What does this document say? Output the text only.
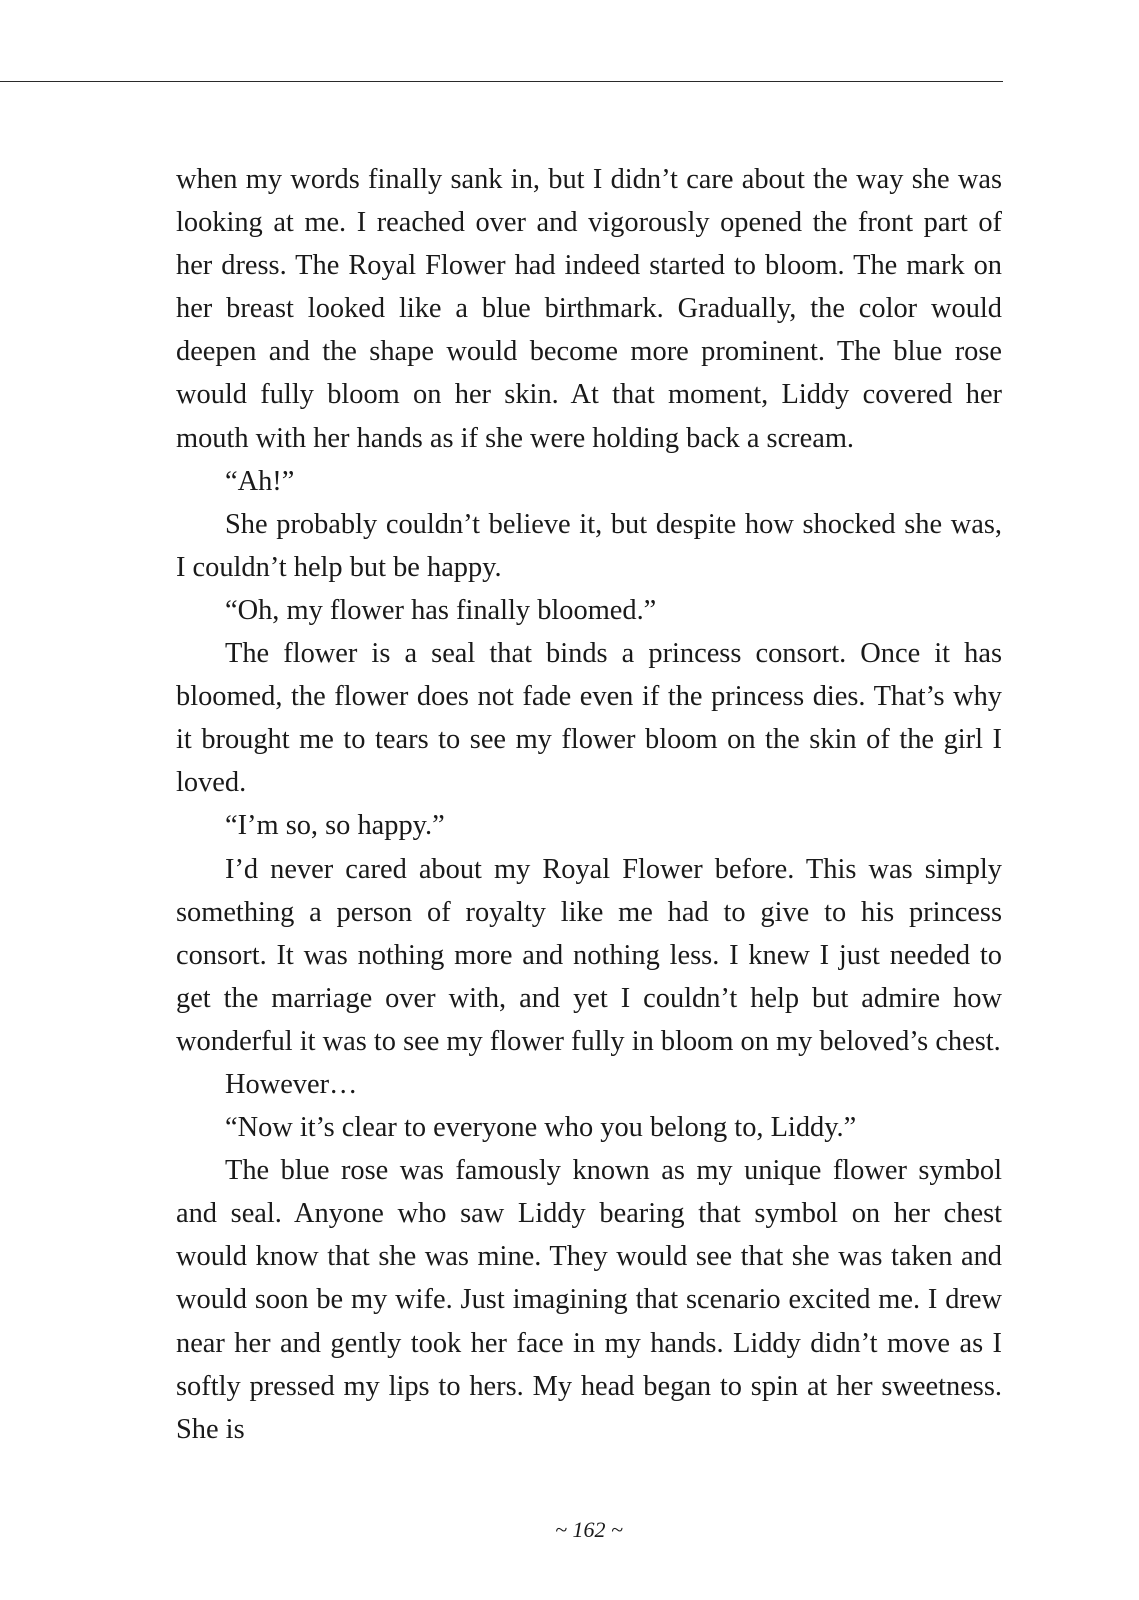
when my words finally sank in, but I didn’t care about the way she was looking at me. I reached over and vigorously opened the front part of her dress. The Royal Flower had indeed started to bloom. The mark on her breast looked like a blue birthmark. Gradually, the color would deepen and the shape would become more prominent. The blue rose would fully bloom on her skin. At that moment, Liddy covered her mouth with her hands as if she were holding back a scream.

“Ah!”

She probably couldn’t believe it, but despite how shocked she was, I couldn’t help but be happy.

“Oh, my flower has finally bloomed.”

The flower is a seal that binds a princess consort. Once it has bloomed, the flower does not fade even if the princess dies. That’s why it brought me to tears to see my flower bloom on the skin of the girl I loved.

“I’m so, so happy.”

I’d never cared about my Royal Flower before. This was simply something a person of royalty like me had to give to his princess consort. It was nothing more and nothing less. I knew I just needed to get the marriage over with, and yet I couldn’t help but admire how wonderful it was to see my flower fully in bloom on my beloved’s chest.

However…

“Now it’s clear to everyone who you belong to, Liddy.”

The blue rose was famously known as my unique flower symbol and seal. Anyone who saw Liddy bearing that symbol on her chest would know that she was mine. They would see that she was taken and would soon be my wife. Just imagining that scenario excited me. I drew near her and gently took her face in my hands. Liddy didn’t move as I softly pressed my lips to hers. My head began to spin at her sweetness. She is

~ 162 ~
